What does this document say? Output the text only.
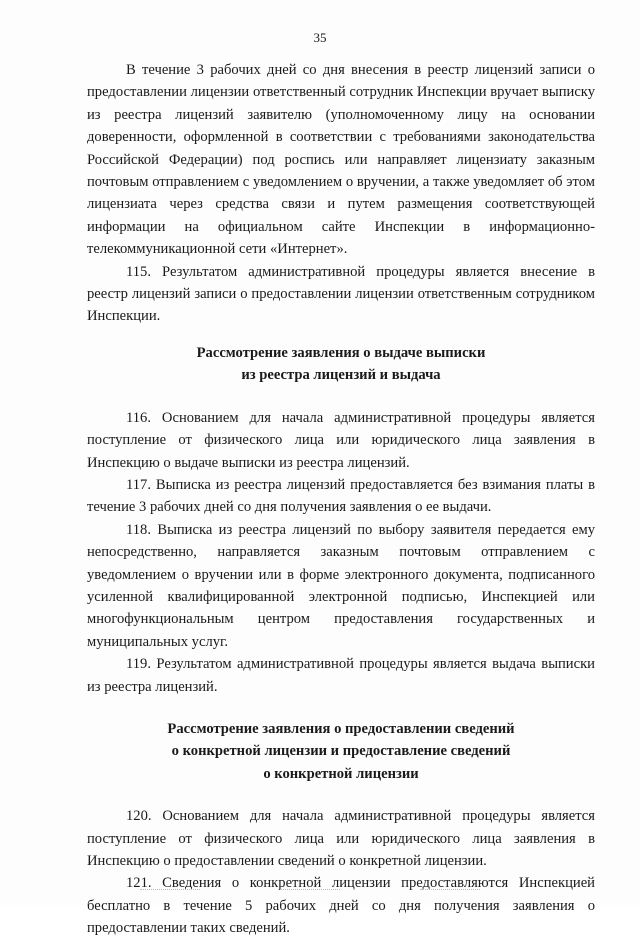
35

В течение 3 рабочих дней со дня внесения в реестр лицензий записи о предоставлении лицензии ответственный сотрудник Инспекции вручает выписку из реестра лицензий заявителю (уполномоченному лицу на основании доверенности, оформленной в соответствии с требованиями законодательства Российской Федерации) под роспись или направляет лицензиату заказным почтовым отправлением с уведомлением о вручении, а также уведомляет об этом лицензиата через средства связи и путем размещения соответствующей информации на официальном сайте Инспекции в информационно-телекоммуникационной сети «Интернет».

115. Результатом административной процедуры является внесение в реестр лицензий записи о предоставлении лицензии ответственным сотрудником Инспекции.

Рассмотрение заявления о выдаче выписки
из реестра лицензий и выдача

116. Основанием для начала административной процедуры является поступление от физического лица или юридического лица заявления в Инспекцию о выдаче выписки из реестра лицензий.

117. Выписка из реестра лицензий предоставляется без взимания платы в течение 3 рабочих дней со дня получения заявления о ее выдачи.

118. Выписка из реестра лицензий по выбору заявителя передается ему непосредственно, направляется заказным почтовым отправлением с уведомлением о вручении или в форме электронного документа, подписанного усиленной квалифицированной электронной подписью, Инспекцией или многофункциональным центром предоставления государственных и муниципальных услуг.

119. Результатом административной процедуры является выдача выписки из реестра лицензий.

Рассмотрение заявления о предоставлении сведений
о конкретной лицензии и предоставление сведений
о конкретной лицензии

120. Основанием для начала административной процедуры является поступление от физического лица или юридического лица заявления в Инспекцию о предоставлении сведений о конкретной лицензии.

121. Сведения о конкретной лицензии предоставляются Инспекцией бесплатно в течение 5 рабочих дней со дня получения заявления о предоставлении таких сведений.
